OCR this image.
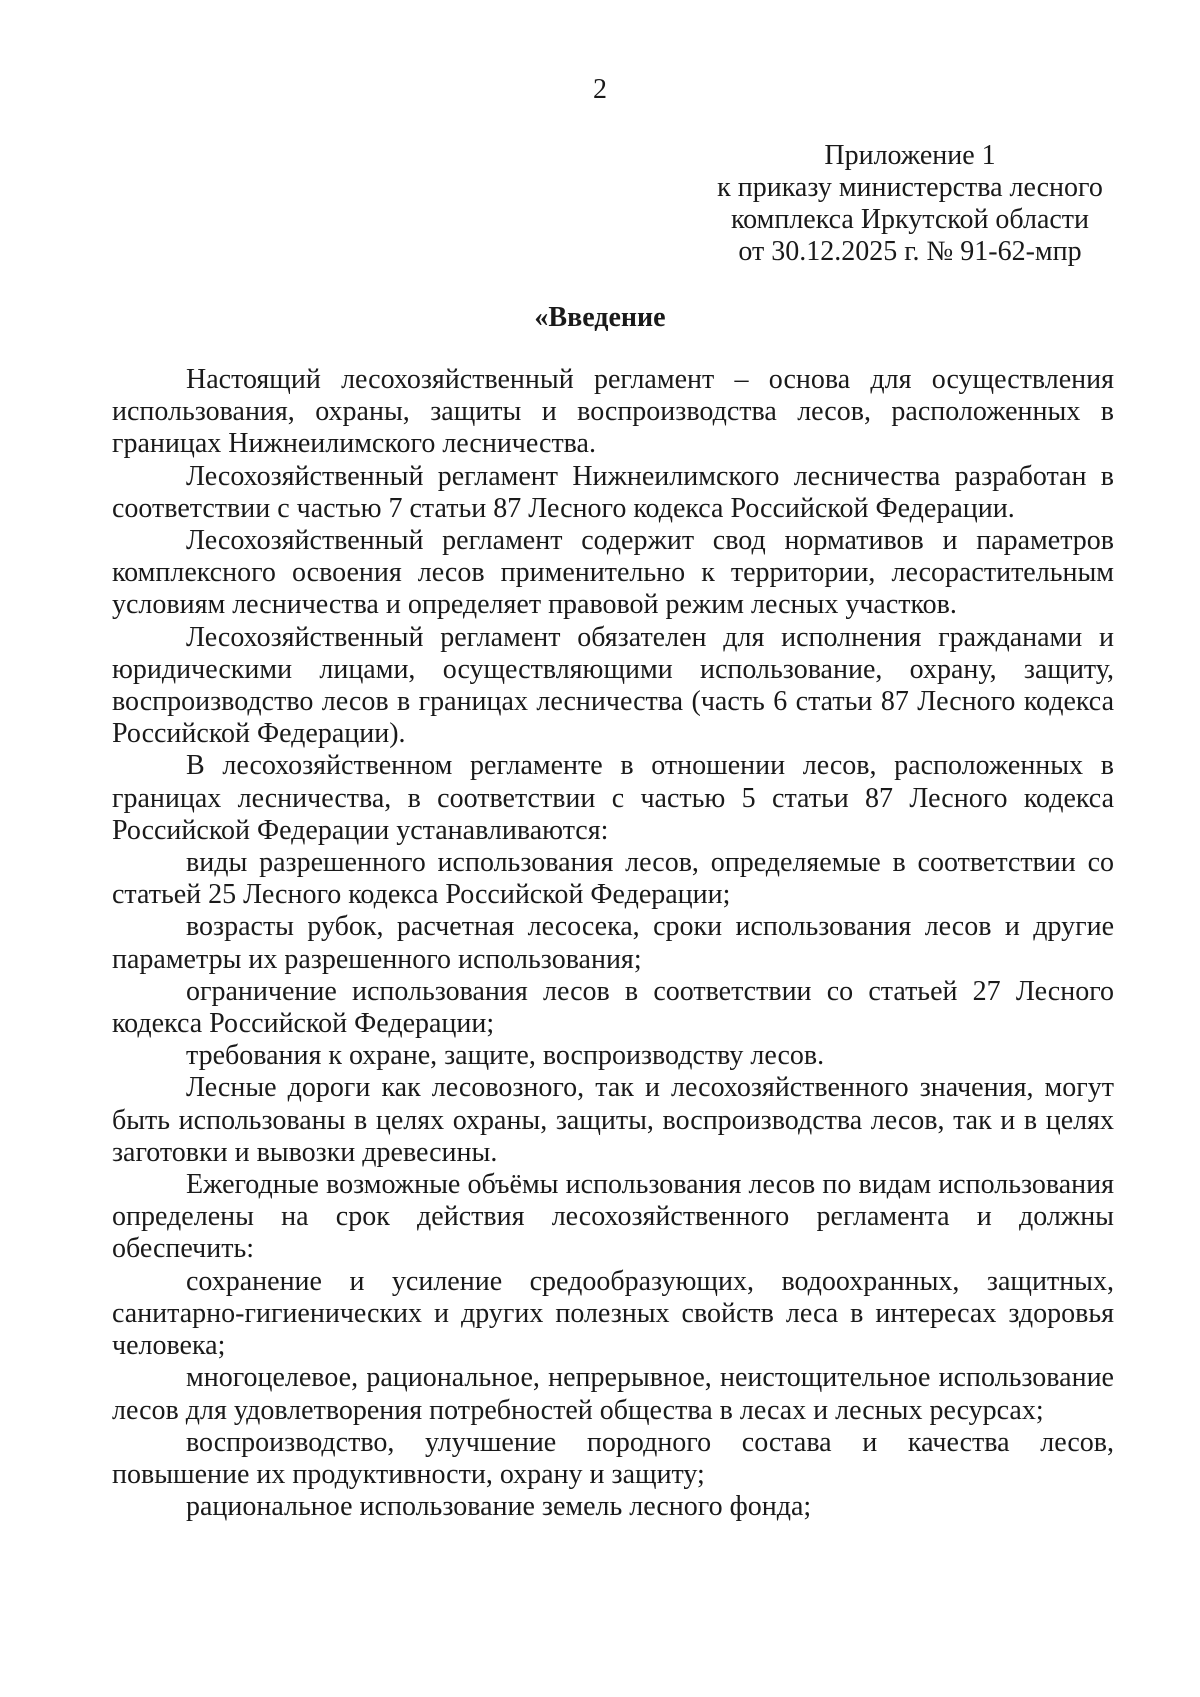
2
Приложение 1
к приказу министерства лесного
комплекса Иркутской области
от 30.12.2025 г. № 91-62-мпр
«Введение

Настоящий лесохозяйственный регламент – основа для осуществления использования, охраны, защиты и воспроизводства лесов, расположенных в границах Нижнеилимского лесничества.

Лесохозяйственный регламент Нижнеилимского лесничества разработан в соответствии с частью 7 статьи 87 Лесного кодекса Российской Федерации.

Лесохозяйственный регламент содержит свод нормативов и параметров комплексного освоения лесов применительно к территории, лесорастительным условиям лесничества и определяет правовой режим лесных участков.

Лесохозяйственный регламент обязателен для исполнения гражданами и юридическими лицами, осуществляющими использование, охрану, защиту, воспроизводство лесов в границах лесничества (часть 6 статьи 87 Лесного кодекса Российской Федерации).

В лесохозяйственном регламенте в отношении лесов, расположенных в границах лесничества, в соответствии с частью 5 статьи 87 Лесного кодекса Российской Федерации устанавливаются:

виды разрешенного использования лесов, определяемые в соответствии со статьей 25 Лесного кодекса Российской Федерации;

возрасты рубок, расчетная лесосека, сроки использования лесов и другие параметры их разрешенного использования;

ограничение использования лесов в соответствии со статьей 27 Лесного кодекса Российской Федерации;

требования к охране, защите, воспроизводству лесов.

Лесные дороги как лесовозного, так и лесохозяйственного значения, могут быть использованы в целях охраны, защиты, воспроизводства лесов, так и в целях заготовки и вывозки древесины.

Ежегодные возможные объёмы использования лесов по видам использования определены на срок действия лесохозяйственного регламента и должны обеспечить:

сохранение и усиление средообразующих, водоохранных, защитных, санитарно-гигиенических и других полезных свойств леса в интересах здоровья человека;

многоцелевое, рациональное, непрерывное, неистощительное использование лесов для удовлетворения потребностей общества в лесах и лесных ресурсах;

воспроизводство, улучшение породного состава и качества лесов, повышение их продуктивности, охрану и защиту;

рациональное использование земель лесного фонда;
